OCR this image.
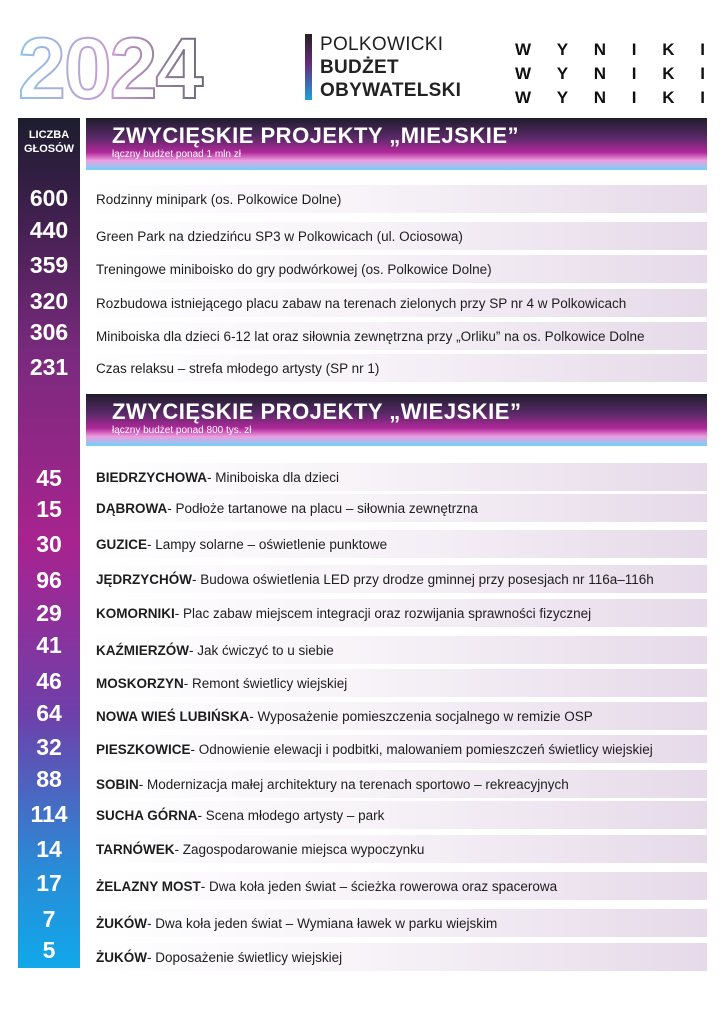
2024	POLKOWICKI
BUDŻET
OBYWATELSKI
W Y N I K I
W Y N I K I
W Y N I K I
LICZBA
GŁOSÓW
ZWYCIĘSKIE PROJEKTY „MIEJSKIE”
łączny budżet ponad 1 mln zł
600	Rodzinny minipark (os. Polkowice Dolne)
440	Green Park na dziedzińcu SP3 w Polkowicach (ul. Ociosowa)
359	Treningowe miniboisko do gry podwórkowej (os. Polkowice Dolne)
320	Rozbudowa istniejącego placu zabaw na terenach zielonych przy SP nr 4 w Polkowicach
306	Miniboiska dla dzieci 6-12 lat oraz siłownia zewnętrzna przy „Orliku” na os. Polkowice Dolne
231	Czas relaksu – strefa młodego artysty (SP nr 1)
ZWYCIĘSKIE PROJEKTY „WIEJSKIE”
łączny budżet ponad 800 tys. zł
45	BIEDRZYCHOWA - Miniboiska dla dzieci
15	DĄBROWA - Podłoże tartanowe na placu – siłownia zewnętrzna
30	GUZICE - Lampy solarne – oświetlenie punktowe
96	JĘDRZYCHÓW - Budowa oświetlenia LED przy drodze gminnej przy posesjach nr 116a–116h
29	KOMORNIKI - Plac zabaw miejscem integracji oraz rozwijania sprawności fizycznej
41	KAŹMIERZÓW - Jak ćwiczyć to u siebie
46	MOSKORZYN - Remont świetlicy wiejskiej
64	NOWA WIEŚ LUBIŃSKA - Wyposażenie pomieszczenia socjalnego w remizie OSP
32	PIESZKOWICE - Odnowienie elewacji i podbitki, malowaniem pomieszczeń świetlicy wiejskiej
88	SOBIN - Modernizacja małej architektury na terenach sportowo – rekreacyjnych
114	SUCHA GÓRNA - Scena młodego artysty – park
14	TARNÓWEK - Zagospodarowanie miejsca wypoczynku
17	ŻELAZNY MOST - Dwa koła jeden świat – ścieżka rowerowa oraz spacerowa
7	ŻUKÓW - Dwa koła jeden świat – Wymiana ławek w parku wiejskim
5	ŻUKÓW - Doposażenie świetlicy wiejskiej
